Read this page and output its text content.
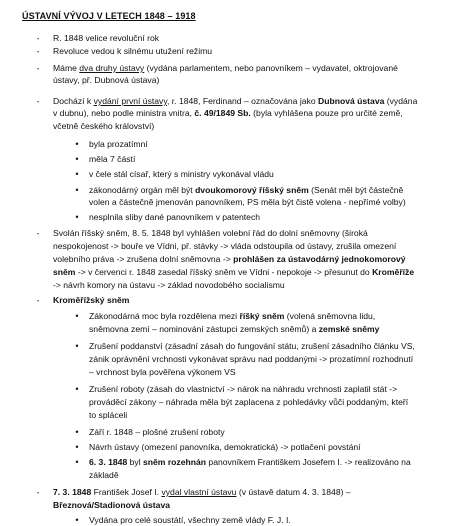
ÚSTAVNÍ VÝVOJ V LETECH 1848 – 1918
-	R. 1848 velice revoluční rok
-	Revoluce vedou k silnému utužení režimu
-	Máme dva druhy ústavy (vydána parlamentem, nebo panovníkem – vydavatel, oktrojované
ústavy, př. Dubnová ústava)
-	Dochází k vydání první ústavy, r. 1848, Ferdinand – označována jako Dubnová ústava (vydána
v dubnu), nebo podle ministra vnitra, č. 49/1849 Sb. (byla vyhlášena pouze pro určité země,
včetně českého království)
• byla prozatímní
• měla 7 částí
• v čele stál císař, který s ministry vykonával vládu
• zákonodárný orgán měl být dvoukomorový říšský sněm (Senát měl být částečně
volen a částečně jmenován panovníkem, PS měla být čistě volena - nepřímé volby)
• nesplnila sliby dané panovníkem v patentech
-	Svolán říšský sněm, 8. 5. 1848 byl vyhlášen volební řád do dolní sněmovny (široká
nespokojenost -> bouře ve Vídni, př. stávky -> vláda odstoupila od ústavy, zrušila omezení
volebního práva -> zrušena dolní sněmovna -> prohlášen za ústavodárný jednokomorový
sněm -> v červenci r. 1848 zasedal říšský sněm ve Vídni - nepokoje -> přesunut do Kroměříže
-> návrh komory na ústavu -> základ novodobého socialismu
-	Kroměřížský sněm
• Zákonodárná moc byla rozdělena mezi říšký sněm (volená sněmovna lidu,
sněmovna zemí – nominování zástupci zemských sněmů) a zemské sněmy
• Zrušení poddanství (zásadní zásah do fungování státu, zrušení zásadního článku VS,
zánik oprávnění vrchnosti vykonávat správu nad poddanými -> prozatímní rozhodnutí
– vrchnost byla pověřena výkonem VS
• Zrušení roboty (zásah do vlastnictví -> nárok na náhradu vrchnosti zaplatil stát ->
prováděcí zákony – náhrada měla být zaplacena z pohledávky vůči poddaným, kteří
to spláceli
• Září r. 1848 – plošné zrušení roboty
• Návrh ústavy (omezení panovníka, demokratická) -> potlačení povstání
• 6. 3. 1848 byl sněm rozehnán panovníkem Františkem Josefem I. -> realizováno na
základě
-	7. 3. 1848 František Josef I. vydal vlastní ústavu (v ústavě datum 4. 3. 1848) –
Březnová/Stadionová ústava
• Vydána pro celé soustátí, všechny země vlády F. J. I.
